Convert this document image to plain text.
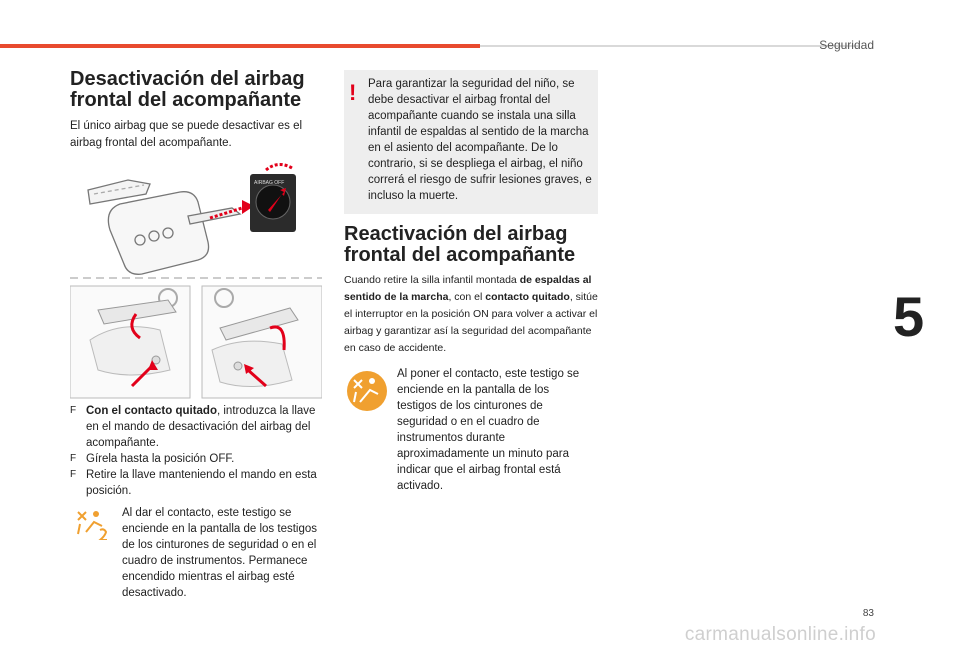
Seguridad
5
Desactivación del airbag
frontal del acompañante
El único airbag que se puede desactivar es el airbag frontal del acompañante.
AIRBAG OFF
F Con el contacto quitado, introduzca la llave en el mando de desactivación del airbag del acompañante.
F Gírela hasta la posición OFF.
F Retire la llave manteniendo el mando en esta posición.
Al dar el contacto, este testigo se enciende en la pantalla de los testigos de los cinturones de seguridad o en el cuadro de instrumentos. Permanece encendido mientras el airbag esté desactivado.
! Para garantizar la seguridad del niño, se debe desactivar el airbag frontal del acompañante cuando se instala una silla infantil de espaldas al sentido de la marcha en el asiento del acompañante. De lo contrario, si se despliega el airbag, el niño correrá el riesgo de sufrir lesiones graves, e incluso la muerte.
Reactivación del airbag
frontal del acompañante
Cuando retire la silla infantil montada de espaldas al sentido de la marcha, con el contacto quitado, sitúe el interruptor en la posición ON para volver a activar el airbag y garantizar así la seguridad del acompañante en caso de accidente.
Al poner el contacto, este testigo se enciende en la pantalla de los testigos de los cinturones de seguridad o en el cuadro de instrumentos durante aproximadamente un minuto para indicar que el airbag frontal está activado.
83
carmanualsonline.info
